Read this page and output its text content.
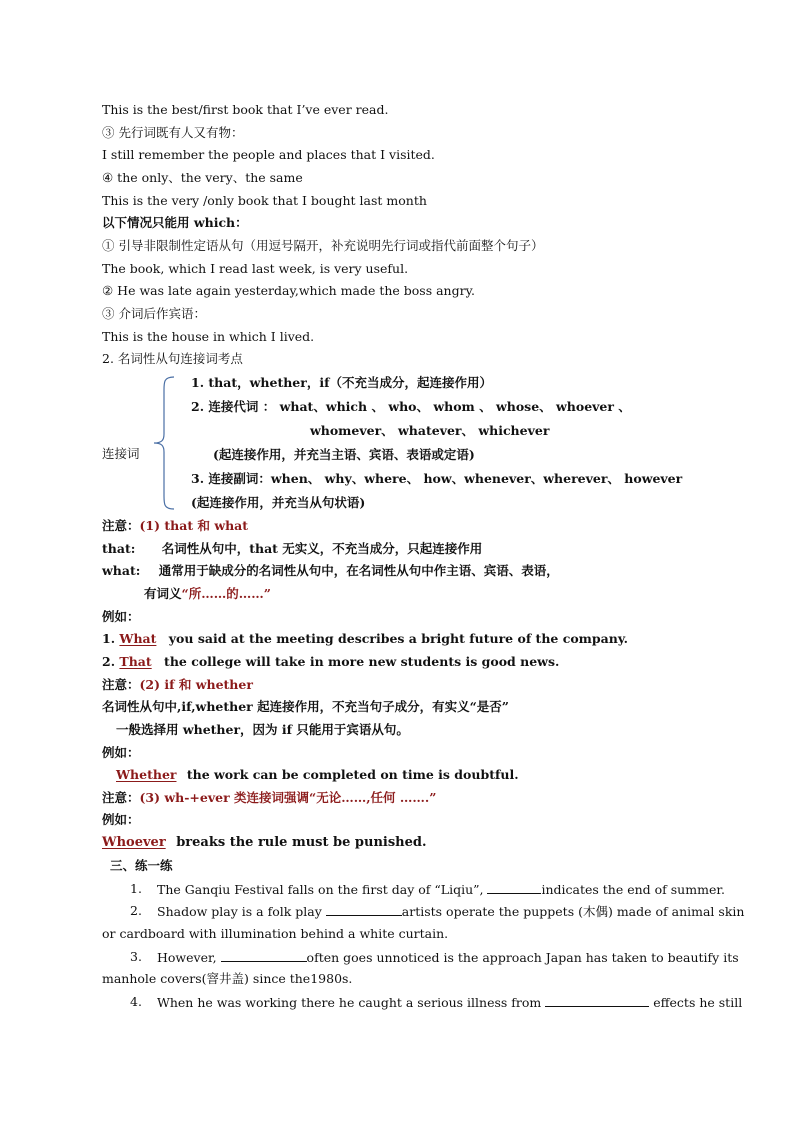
This is the best/first book that I’ve ever read.
③ 先行词既有人又有物：
I still remember the people and places that I visited.
④ the only、the very、the same
This is the very /only book that I bought last month
以下情况只能用 which：
① 引导非限制性定语从句（用逗号隔开，补充说明先行词或指代前面整个句子）
The book, which I read last week, is very useful.
② He was late again yesterday,which made the boss angry.
③ 介词后作宾语：
This is the house in which I lived.
2. 名词性从句连接词考点
连接词
1. that，whether，if（不充当成分，起连接作用）
2. 连接代词 ： what、which 、 who、 whom 、 whose、 whoever 、
whomever、 whatever、 whichever
(起连接作用，并充当主语、宾语、表语或定语)
3. 连接副词：when、 why、where、 how、whenever、wherever、 however
(起连接作用，并充当从句状语)
注意：(1) that 和 what
that: 名词性从句中，that 无实义，不充当成分，只起连接作用
what: 通常用于缺成分的名词性从句中，在名词性从句中作主语、宾语、表语，
有词义“所……的……”
例如：
1. What you said at the meeting describes a bright future of the company.
2. That the college will take in more new students is good news.
注意：(2) if 和 whether
名词性从句中,if,whether 起连接作用，不充当句子成分，有实义“是否”
一般选择用 whether，因为 if 只能用于宾语从句。
例如：
Whether the work can be completed on time is doubtful.
注意：(3) wh-+ever 类连接词强调“无论……,任何 …….”
例如：
Whoever breaks the rule must be punished.
三、练一练
1. The Ganqiu Festival falls on the first day of “Liqiu”,	indicates the end of summer.
2. Shadow play is a folk play	artists operate the puppets (木偶) made of animal skin
or cardboard with illumination behind a white curtain.
3. However,	often goes unnoticed is the approach Japan has taken to beautify its
manhole covers(窨井盖) since the1980s.
4. When he was working there he caught a serious illness from	effects he still
